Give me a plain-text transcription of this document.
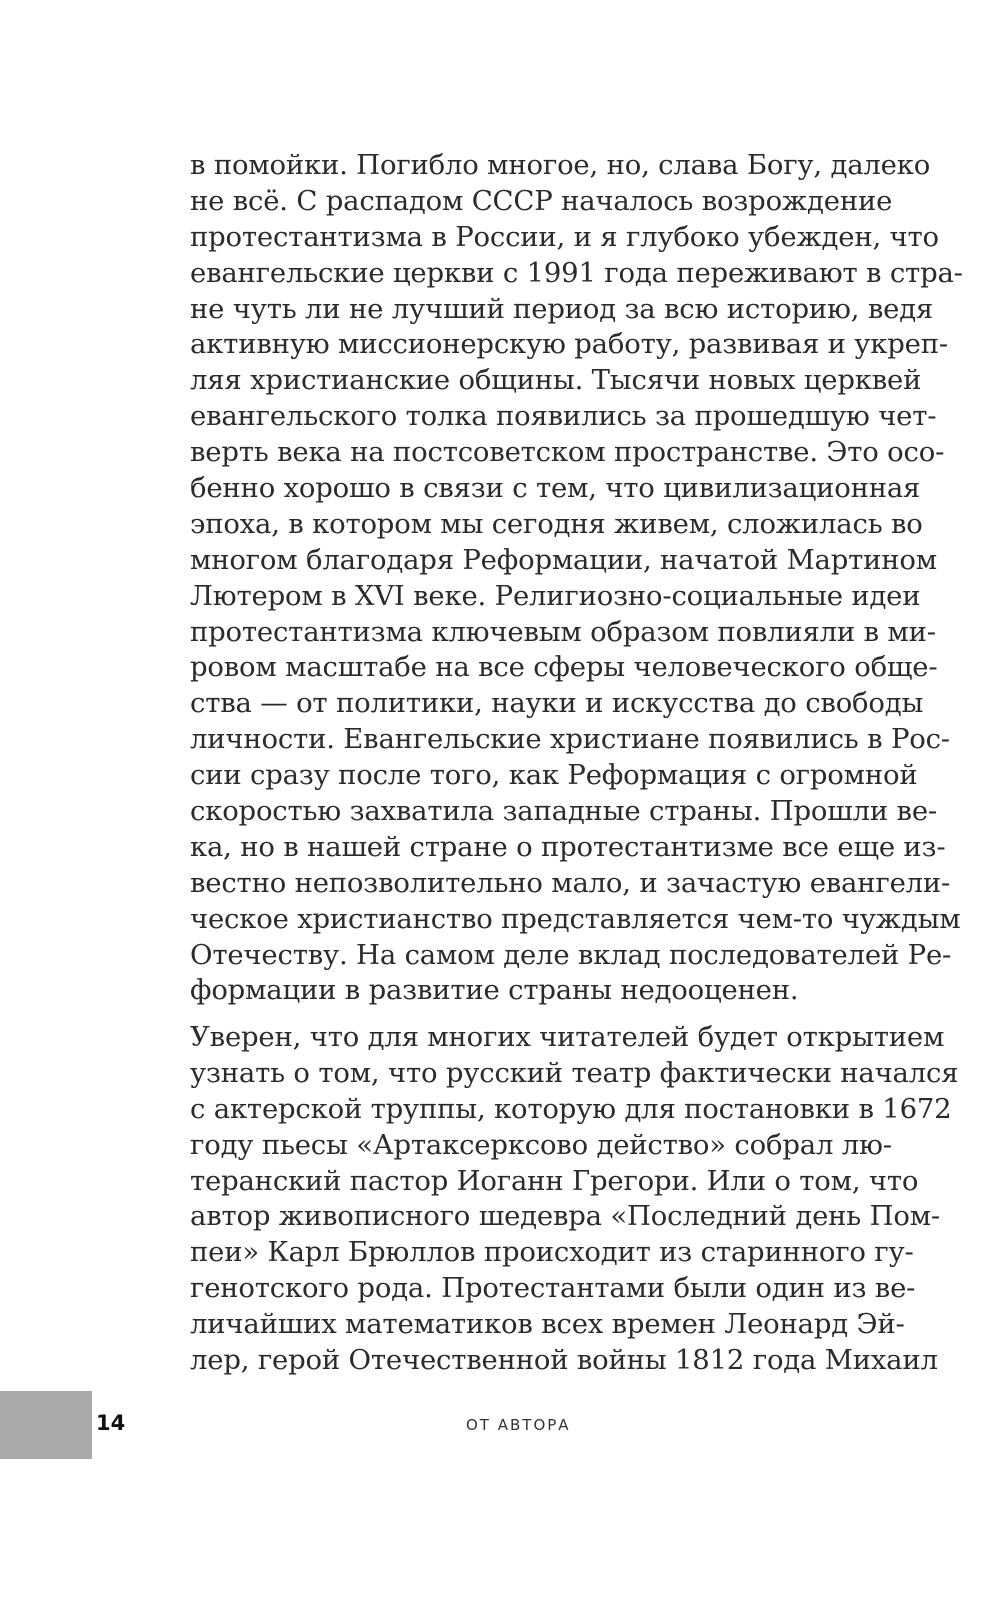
в помойки. Погибло многое, но, слава Богу, далеко
не всё. С распадом СССР началось возрождение
протестантизма в России, и я глубоко убежден, что
евангельские церкви с 1991 года переживают в стра-
не чуть ли не лучший период за всю историю, ведя
активную миссионерскую работу, развивая и укреп-
ляя христианские общины. Тысячи новых церквей
евангельского толка появились за прошедшую чет-
верть века на постсоветском пространстве. Это осо-
бенно хорошо в связи с тем, что цивилизационная
эпоха, в котором мы сегодня живем, сложилась во
многом благодаря Реформации, начатой Мартином
Лютером в XVI веке. Религиозно-социальные идеи
протестантизма ключевым образом повлияли в ми-
ровом масштабе на все сферы человеческого обще-
ства — от политики, науки и искусства до свободы
личности. Евангельские христиане появились в Рос-
сии сразу после того, как Реформация с огромной
скоростью захватила западные страны. Прошли ве-
ка, но в нашей стране о протестантизме все еще из-
вестно непозволительно мало, и зачастую евангели-
ческое христианство представляется чем-то чуждым
Отечеству. На самом деле вклад последователей Ре-
формации в развитие страны недооценен.
Уверен, что для многих читателей будет открытием
узнать о том, что русский театр фактически начался
с актерской труппы, которую для постановки в 1672
году пьесы «Артаксерксово действо» собрал лю-
теранский пастор Иоганн Грегори. Или о том, что
автор живописного шедевра «Последний день Пом-
пеи» Карл Брюллов происходит из старинного гу-
генотского рода. Протестантами были один из ве-
личайших математиков всех времен Леонард Эй-
лер, герой Отечественной войны 1812 года Михаил
14	ОТ АВТОРА
